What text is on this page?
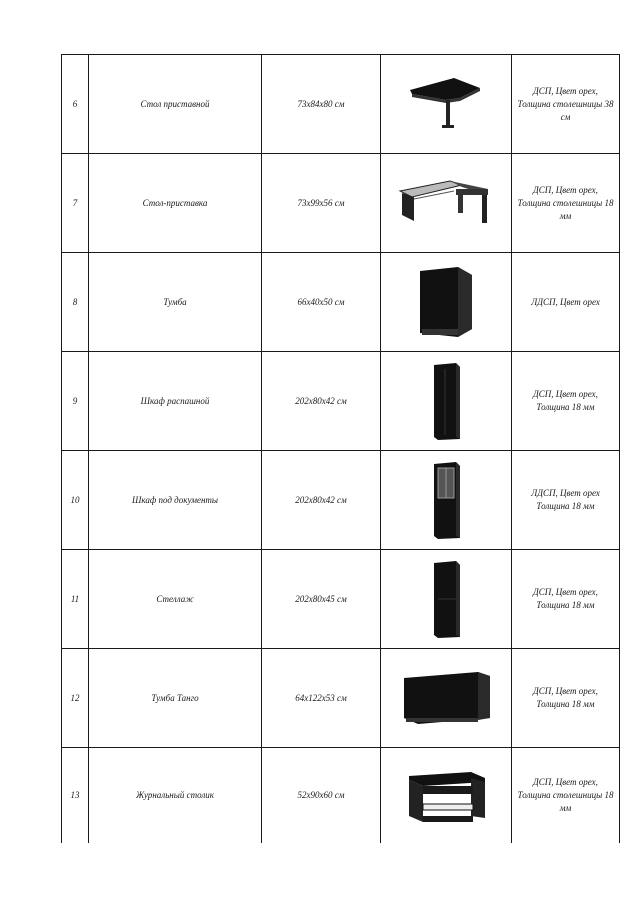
6	Стол приставной	73х84х80 см		ДСП, Цвет орех, Толщина столешницы 38 см
7	Стол-приставка	73х99х56 см		ДСП, Цвет орех, Толщина столешницы 18 мм
8	Тумба	66х40х50 см		ЛДСП, Цвет орех
9	Шкаф распашной	202х80х42 см		ДСП, Цвет орех, Толщина 18 мм
10	Шкаф под документы	202х80х42 см		ЛДСП, Цвет орех Толщина 18 мм
11	Стеллаж	202х80х45 см		ДСП, Цвет орех, Толщина 18 мм
12	Тумба Танго	64х122х53 см		ДСП, Цвет орех, Толщина 18 мм
13	Журнальный столик	52х90х60 см		ДСП, Цвет орех, Толщина столешницы 18 мм
